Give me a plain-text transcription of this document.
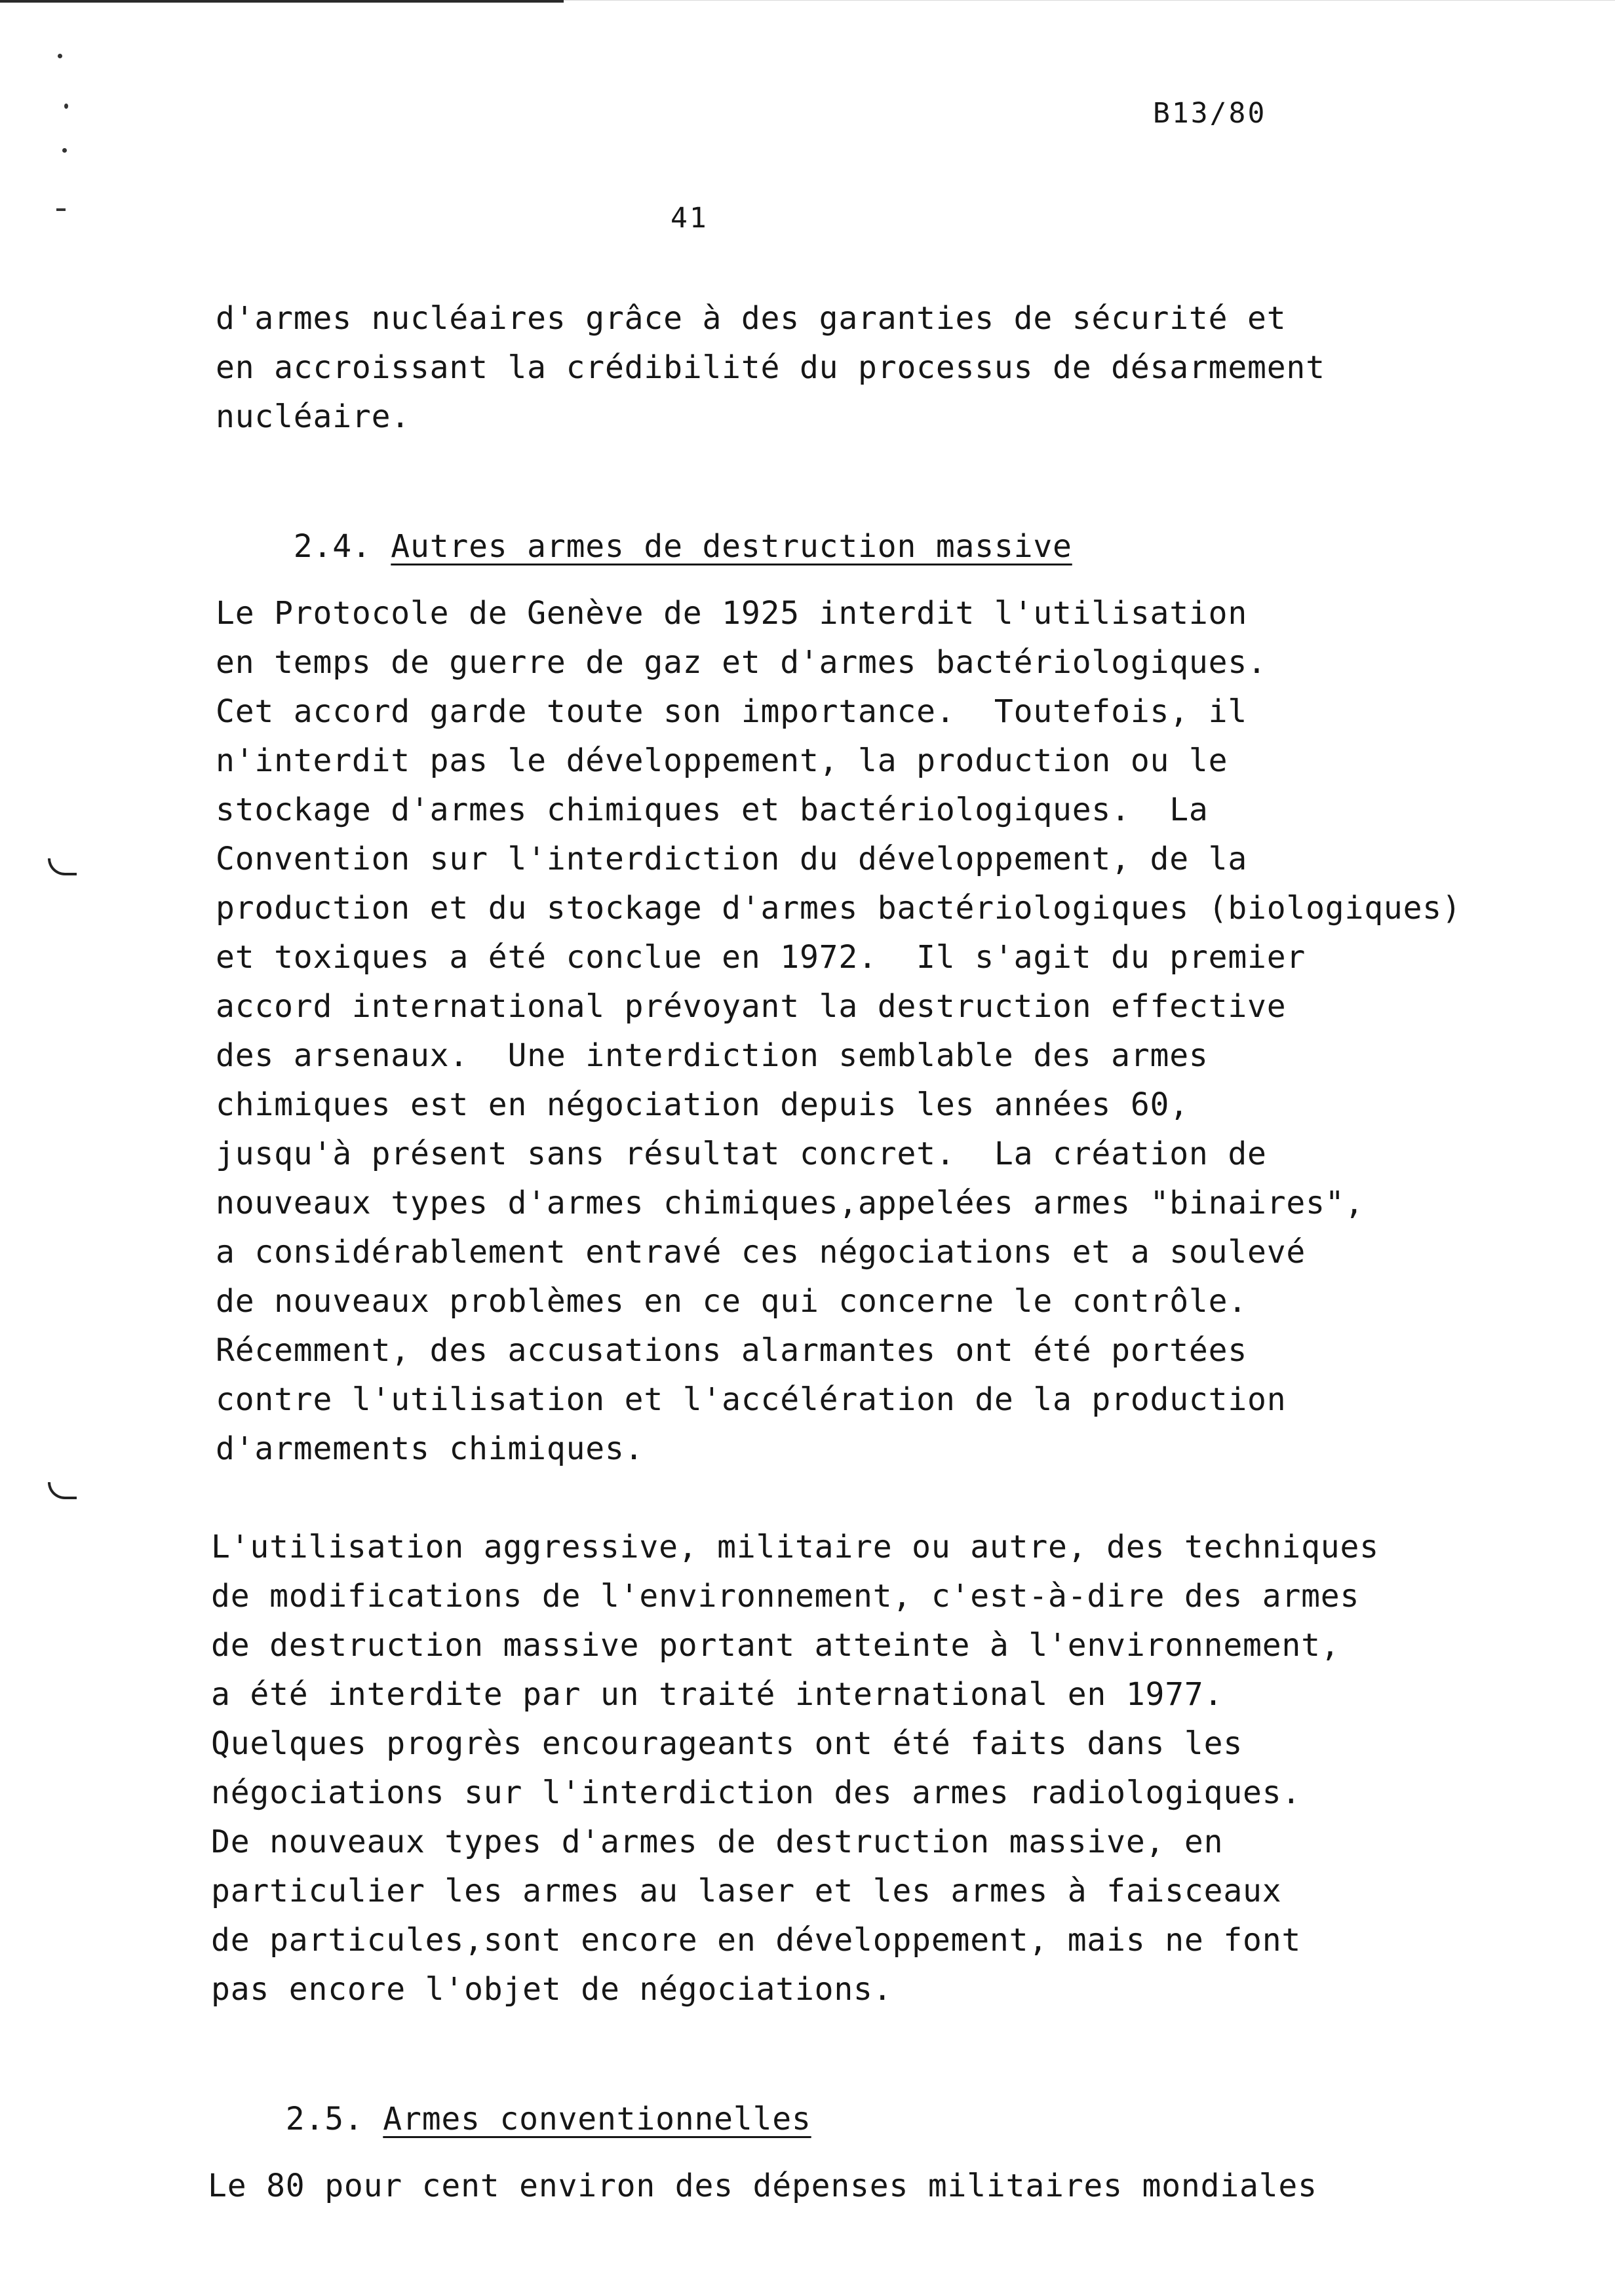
B13/80
41
d'armes nucléaires grâce à des garanties de sécurité et
en accroissant la crédibilité du processus de désarmement
nucléaire.

2.4. Autres armes de destruction massive

Le Protocole de Genève de 1925 interdit l'utilisation
en temps de guerre de gaz et d'armes bactériologiques.
Cet accord garde toute son importance.  Toutefois, il
n'interdit pas le développement, la production ou le
stockage d'armes chimiques et bactériologiques.  La
Convention sur l'interdiction du développement, de la
production et du stockage d'armes bactériologiques (biologiques)
et toxiques a été conclue en 1972.  Il s'agit du premier
accord international prévoyant la destruction effective
des arsenaux.  Une interdiction semblable des armes
chimiques est en négociation depuis les années 60,
jusqu'à présent sans résultat concret.  La création de
nouveaux types d'armes chimiques,appelées armes "binaires",
a considérablement entravé ces négociations et a soulevé
de nouveaux problèmes en ce qui concerne le contrôle.
Récemment, des accusations alarmantes ont été portées
contre l'utilisation et l'accélération de la production
d'armements chimiques.
L'utilisation aggressive, militaire ou autre, des techniques
de modifications de l'environnement, c'est-à-dire des armes
de destruction massive portant atteinte à l'environnement,
a été interdite par un traité international en 1977.
Quelques progrès encourageants ont été faits dans les
négociations sur l'interdiction des armes radiologiques.
De nouveaux types d'armes de destruction massive, en
particulier les armes au laser et les armes à faisceaux
de particules,sont encore en développement, mais ne font
pas encore l'objet de négociations.

2.5. Armes conventionnelles

Le 80 pour cent environ des dépenses militaires mondiales
